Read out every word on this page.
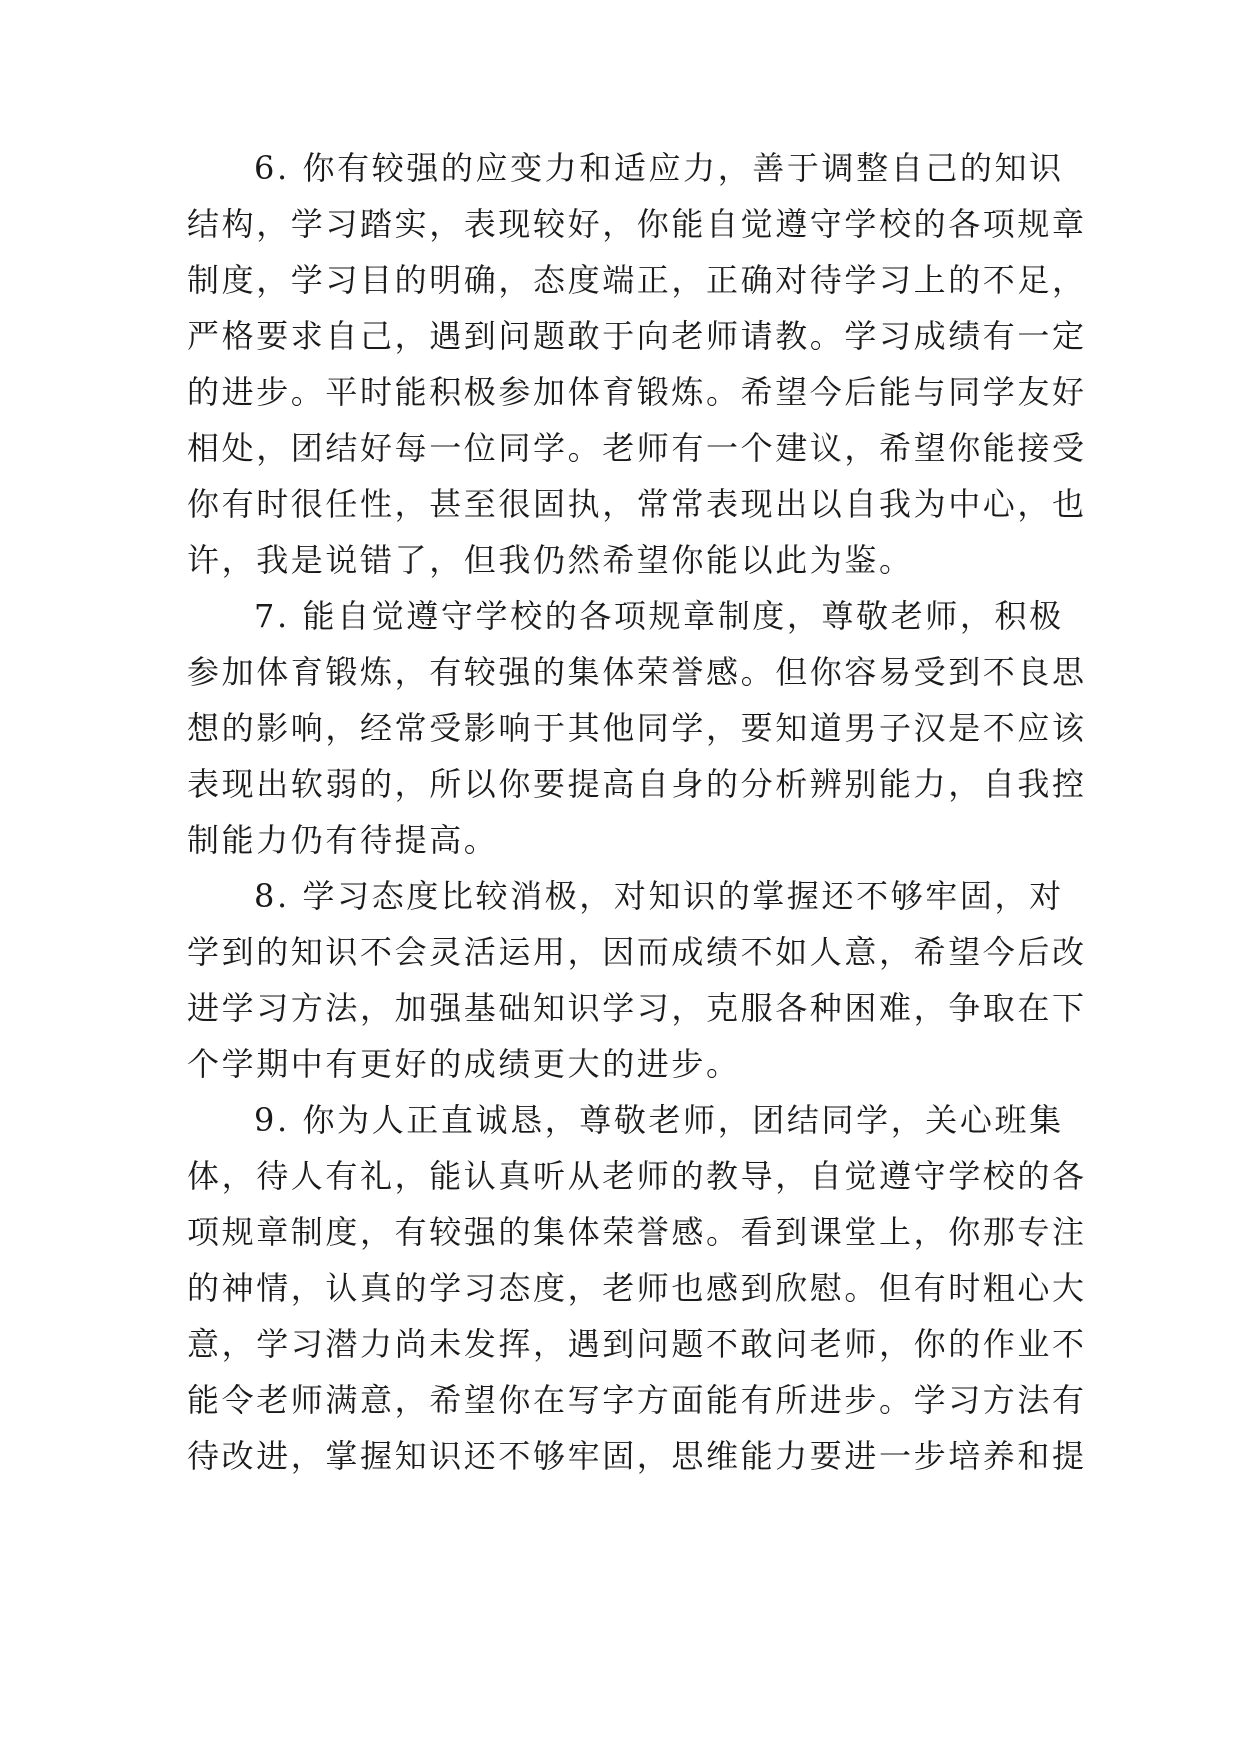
6. 你有较强的应变力和适应力，善于调整自己的知识
结构，学习踏实，表现较好，你能自觉遵守学校的各项规章
制度，学习目的明确，态度端正，正确对待学习上的不足，
严格要求自己，遇到问题敢于向老师请教。学习成绩有一定
的进步。平时能积极参加体育锻炼。希望今后能与同学友好
相处，团结好每一位同学。老师有一个建议，希望你能接受
你有时很任性，甚至很固执，常常表现出以自我为中心，也
许，我是说错了，但我仍然希望你能以此为鉴。
7. 能自觉遵守学校的各项规章制度，尊敬老师，积极
参加体育锻炼，有较强的集体荣誉感。但你容易受到不良思
想的影响，经常受影响于其他同学，要知道男子汉是不应该
表现出软弱的，所以你要提高自身的分析辨别能力，自我控
制能力仍有待提高。
8. 学习态度比较消极，对知识的掌握还不够牢固，对
学到的知识不会灵活运用，因而成绩不如人意，希望今后改
进学习方法，加强基础知识学习，克服各种困难，争取在下
个学期中有更好的成绩更大的进步。
9. 你为人正直诚恳，尊敬老师，团结同学，关心班集
体，待人有礼，能认真听从老师的教导，自觉遵守学校的各
项规章制度，有较强的集体荣誉感。看到课堂上，你那专注
的神情，认真的学习态度，老师也感到欣慰。但有时粗心大
意，学习潜力尚未发挥，遇到问题不敢问老师，你的作业不
能令老师满意，希望你在写字方面能有所进步。学习方法有
待改进，掌握知识还不够牢固，思维能力要进一步培养和提
